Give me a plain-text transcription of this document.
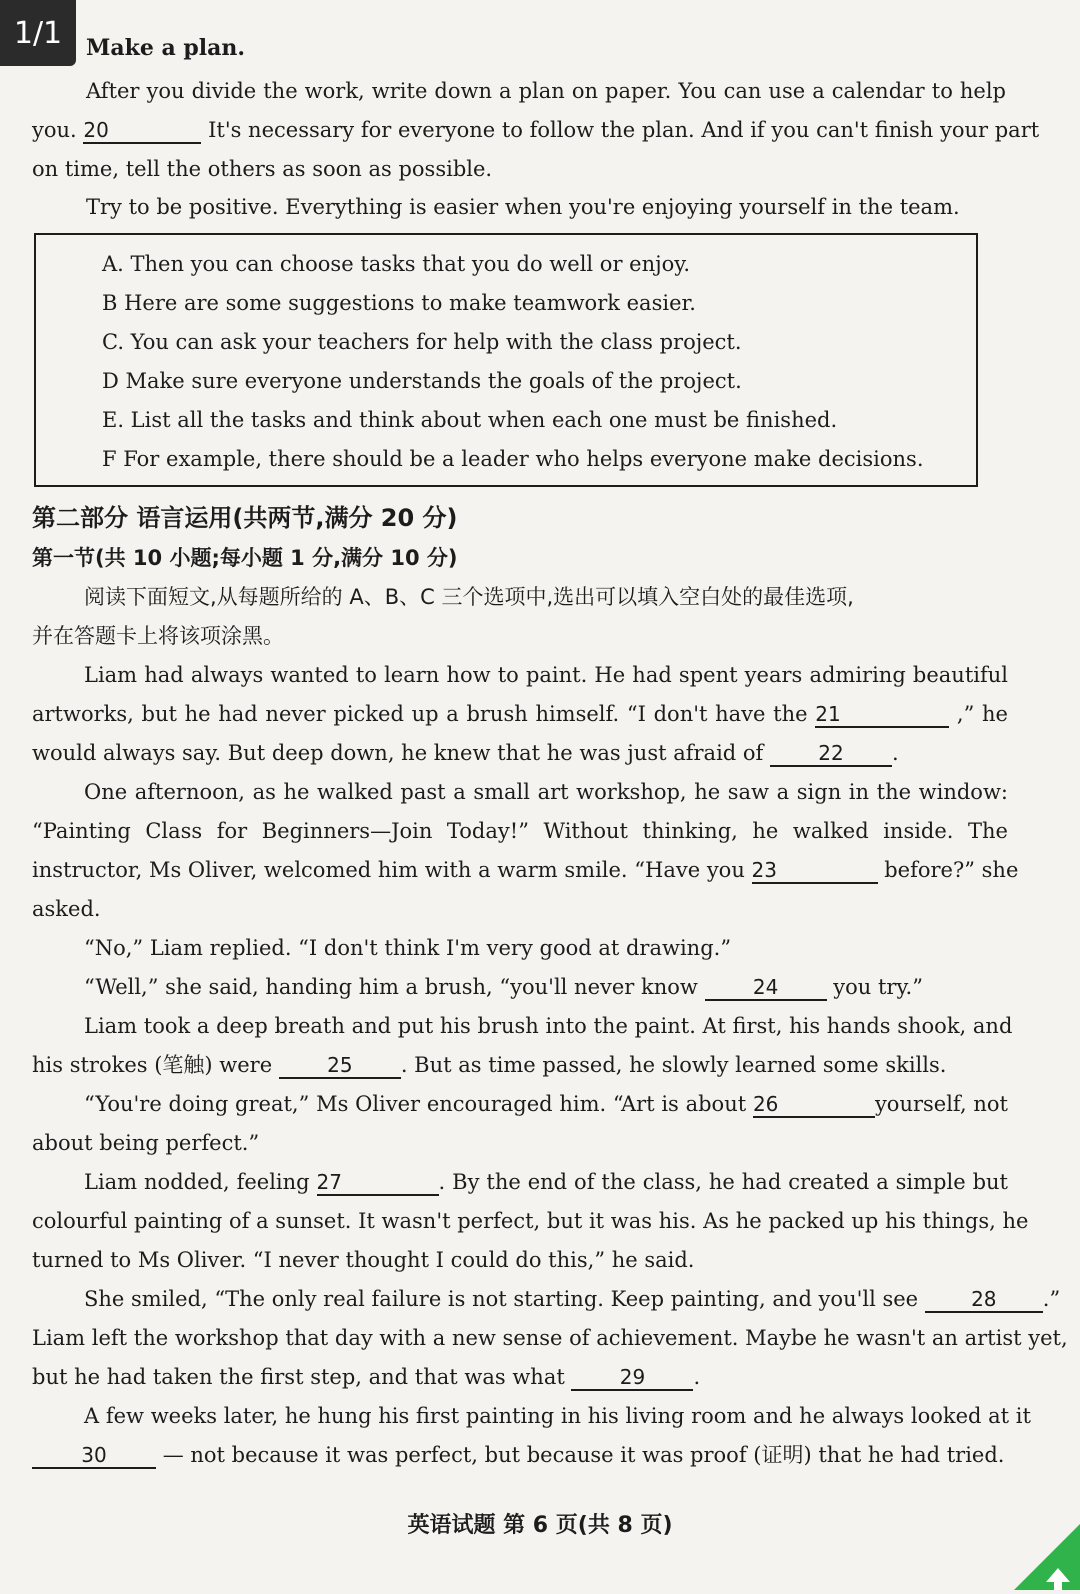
1/1	Make a plan.
After you divide the work, write down a plan on paper. You can use a calendar to help
you. 20	It's necessary for everyone to follow the plan. And if you can't finish your part
on time, tell the others as soon as possible.
Try to be positive. Everything is easier when you're enjoying yourself in the team.
A. Then you can choose tasks that you do well or enjoy.
B Here are some suggestions to make teamwork easier.
C. You can ask your teachers for help with the class project.
D Make sure everyone understands the goals of the project.
E. List all the tasks and think about when each one must be finished.
F For example, there should be a leader who helps everyone make decisions.
第二部分 语言运用(共两节,满分 20 分)
第一节(共 10 小题;每小题 1 分,满分 10 分)
阅读下面短文,从每题所给的 A、B、C 三个选项中,选出可以填入空白处的最佳选项,
并在答题卡上将该项涂黑。
Liam had always wanted to learn how to paint. He had spent years admiring beautiful
artworks, but he had never picked up a brush himself. “I don't have the 21	,” he
would always say. But deep down, he knew that he was just afraid of	22 .
One afternoon, as he walked past a small art workshop, he saw a sign in the window:
“Painting Class for Beginners—Join Today!” Without thinking, he walked inside. The
instructor, Ms Oliver, welcomed him with a warm smile. “Have you 23	before?” she
asked.
“No,” Liam replied. “I don't think I'm very good at drawing.”
“Well,” she said, handing him a brush, “you'll never know	24	you try.”
Liam took a deep breath and put his brush into the paint. At first, his hands shook, and
his strokes (笔触) were	25 . But as time passed, he slowly learned some skills.
“You're doing great,” Ms Oliver encouraged him. “Art is about 26	yourself, not
about being perfect.”
Liam nodded, feeling 27	. By the end of the class, he had created a simple but
colourful painting of a sunset. It wasn't perfect, but it was his. As he packed up his things, he
turned to Ms Oliver. “I never thought I could do this,” he said.
She smiled, “The only real failure is not starting. Keep painting, and you'll see	28 .”
Liam left the workshop that day with a new sense of achievement. Maybe he wasn't an artist yet,
but he had taken the first step, and that was what	29 .
A few weeks later, he hung his first painting in his living room and he always looked at it
30	— not because it was perfect, but because it was proof (证明) that he had tried.
英语试题 第 6 页(共 8 页)
